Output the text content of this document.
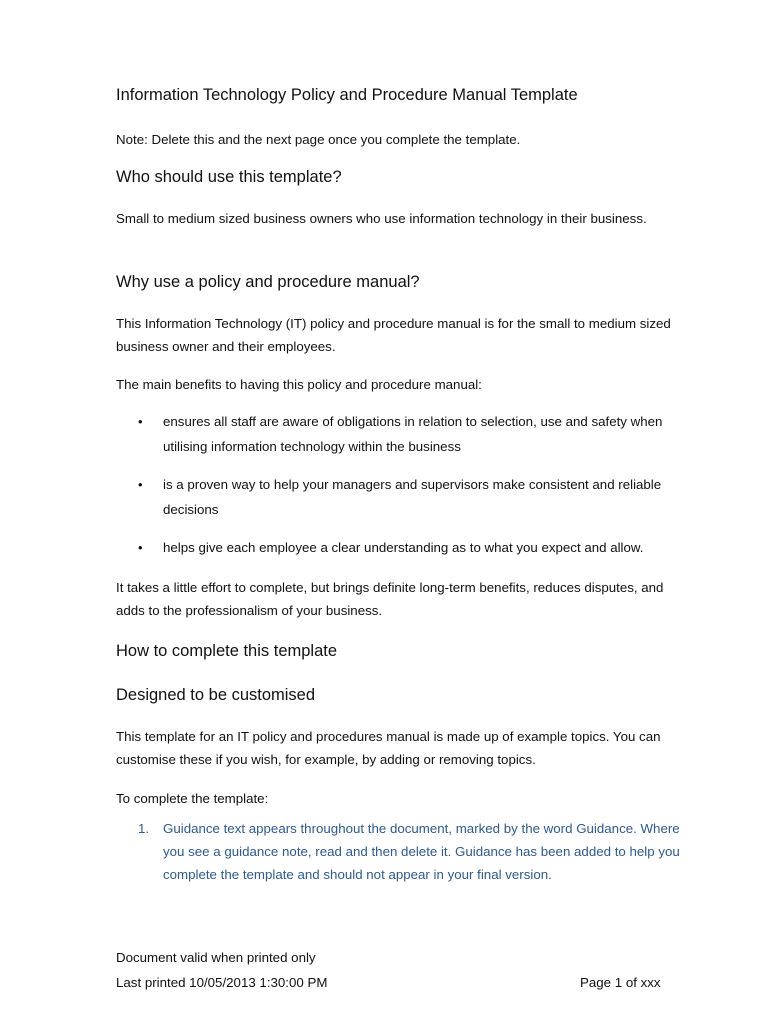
Information Technology Policy and Procedure Manual Template
Note: Delete this and the next page once you complete the template.
Who should use this template?
Small to medium sized business owners who use information technology in their business.
Why use a policy and procedure manual?
This Information Technology (IT) policy and procedure manual is for the small to medium sized business owner and their employees.
The main benefits to having this policy and procedure manual:
• ensures all staff are aware of obligations in relation to selection, use and safety when utilising information technology within the business
• is a proven way to help your managers and supervisors make consistent and reliable decisions
• helps give each employee a clear understanding as to what you expect and allow.
It takes a little effort to complete, but brings definite long-term benefits, reduces disputes, and adds to the professionalism of your business.
How to complete this template
Designed to be customised
This template for an IT policy and procedures manual is made up of example topics. You can customise these if you wish, for example, by adding or removing topics.
To complete the template:
1. Guidance text appears throughout the document, marked by the word Guidance. Where you see a guidance note, read and then delete it. Guidance has been added to help you complete the template and should not appear in your final version.
Document valid when printed only
Last printed 10/05/2013 1:30:00 PM	Page 1 of xxx
